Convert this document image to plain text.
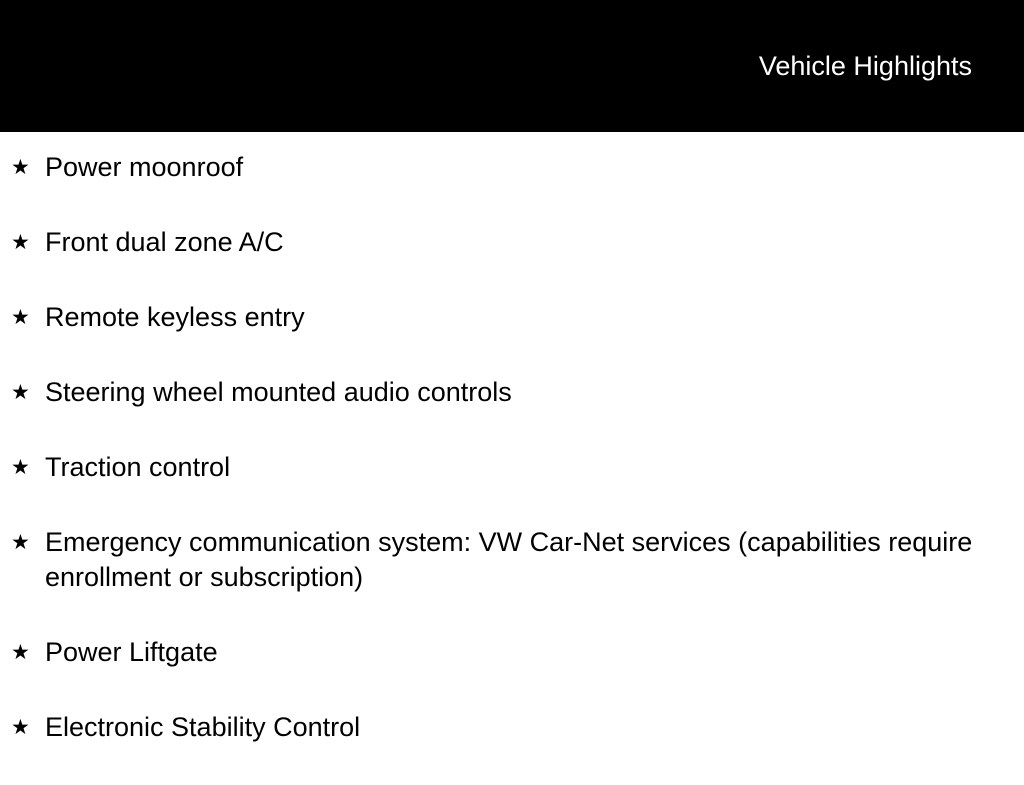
Vehicle Highlights
★ Power moonroof
★ Front dual zone A/C
★ Remote keyless entry
★ Steering wheel mounted audio controls
★ Traction control
★ Emergency communication system: VW Car-Net services (capabilities require enrollment or subscription)
★ Power Liftgate
★ Electronic Stability Control
